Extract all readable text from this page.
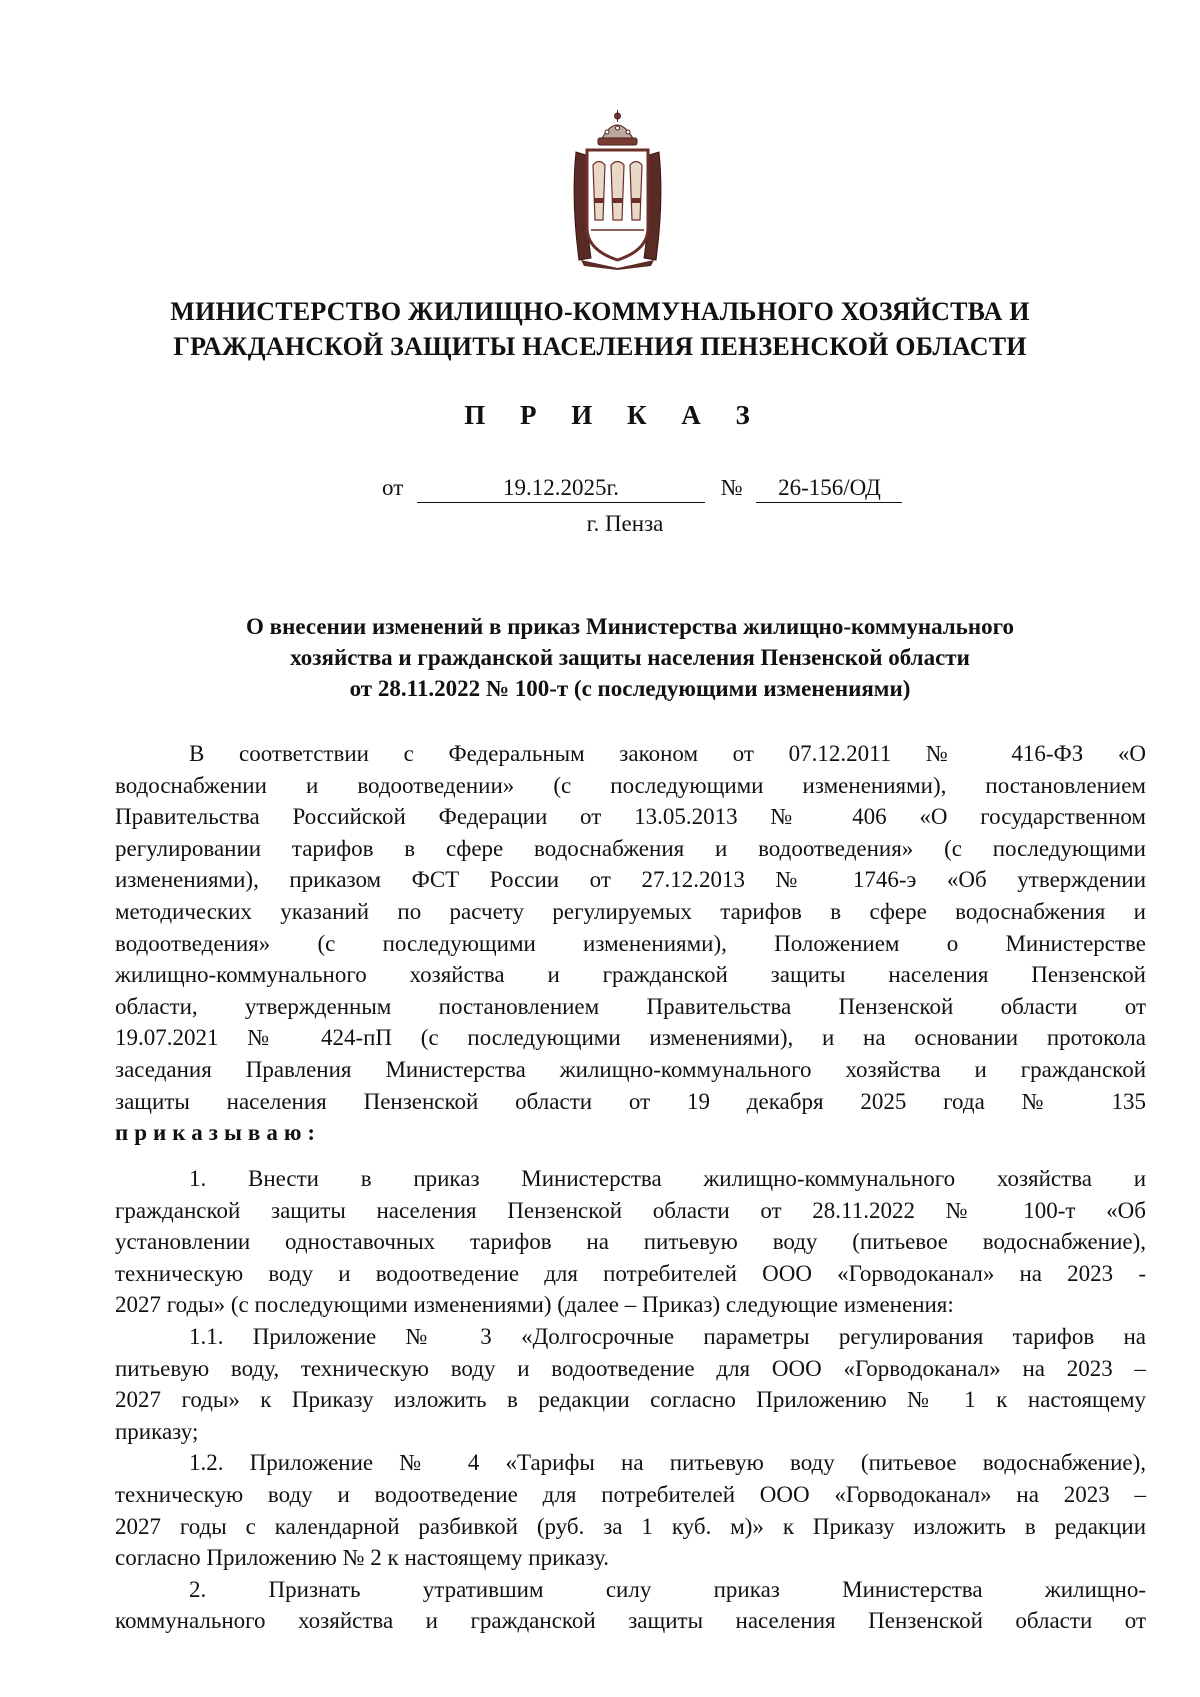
МИНИСТЕРСТВО ЖИЛИЩНО-КОММУНАЛЬНОГО ХОЗЯЙСТВА И
ГРАЖДАНСКОЙ ЗАЩИТЫ НАСЕЛЕНИЯ ПЕНЗЕНСКОЙ ОБЛАСТИ
П Р И К А З
от	19.12.2025г.	№ 26-156/ОД
г. Пенза
О внесении изменений в приказ Министерства жилищно-коммунального
хозяйства и гражданской защиты населения Пензенской области
от 28.11.2022 № 100-т (с последующими изменениями)
В соответствии с Федеральным законом от 07.12.2011 № 416-ФЗ «О
водоснабжении и водоотведении» (с последующими изменениями), постановлением
Правительства Российской Федерации от 13.05.2013 № 406 «О государственном
регулировании тарифов в сфере водоснабжения и водоотведения» (с последующими
изменениями), приказом ФСТ России от 27.12.2013 № 1746-э «Об утверждении
методических указаний по расчету регулируемых тарифов в сфере водоснабжения и
водоотведения» (с последующими изменениями), Положением о Министерстве
жилищно-коммунального хозяйства и гражданской защиты населения Пензенской
области, утвержденным постановлением Правительства Пензенской области от
19.07.2021 № 424-пП (с последующими изменениями), и на основании протокола
заседания Правления Министерства жилищно-коммунального хозяйства и гражданской
защиты населения Пензенской области от 19 декабря 2025 года № 135
приказываю:
1. Внести в приказ Министерства жилищно-коммунального хозяйства и
гражданской защиты населения Пензенской области от 28.11.2022 № 100-т «Об
установлении одноставочных тарифов на питьевую воду (питьевое водоснабжение),
техническую воду и водоотведение для потребителей ООО «Горводоканал» на 2023 -
2027 годы» (с последующими изменениями) (далее – Приказ) следующие изменения:
1.1. Приложение № 3 «Долгосрочные параметры регулирования тарифов на
питьевую воду, техническую воду и водоотведение для ООО «Горводоканал» на 2023 –
2027 годы» к Приказу изложить в редакции согласно Приложению № 1 к настоящему
приказу;
1.2. Приложение № 4 «Тарифы на питьевую воду (питьевое водоснабжение),
техническую воду и водоотведение для потребителей ООО «Горводоканал» на 2023 –
2027 годы с календарной разбивкой (руб. за 1 куб. м)» к Приказу изложить в редакции
согласно Приложению № 2 к настоящему приказу.
2. Признать утратившим силу приказ Министерства жилищно-
коммунального хозяйства и гражданской защиты населения Пензенской области от
